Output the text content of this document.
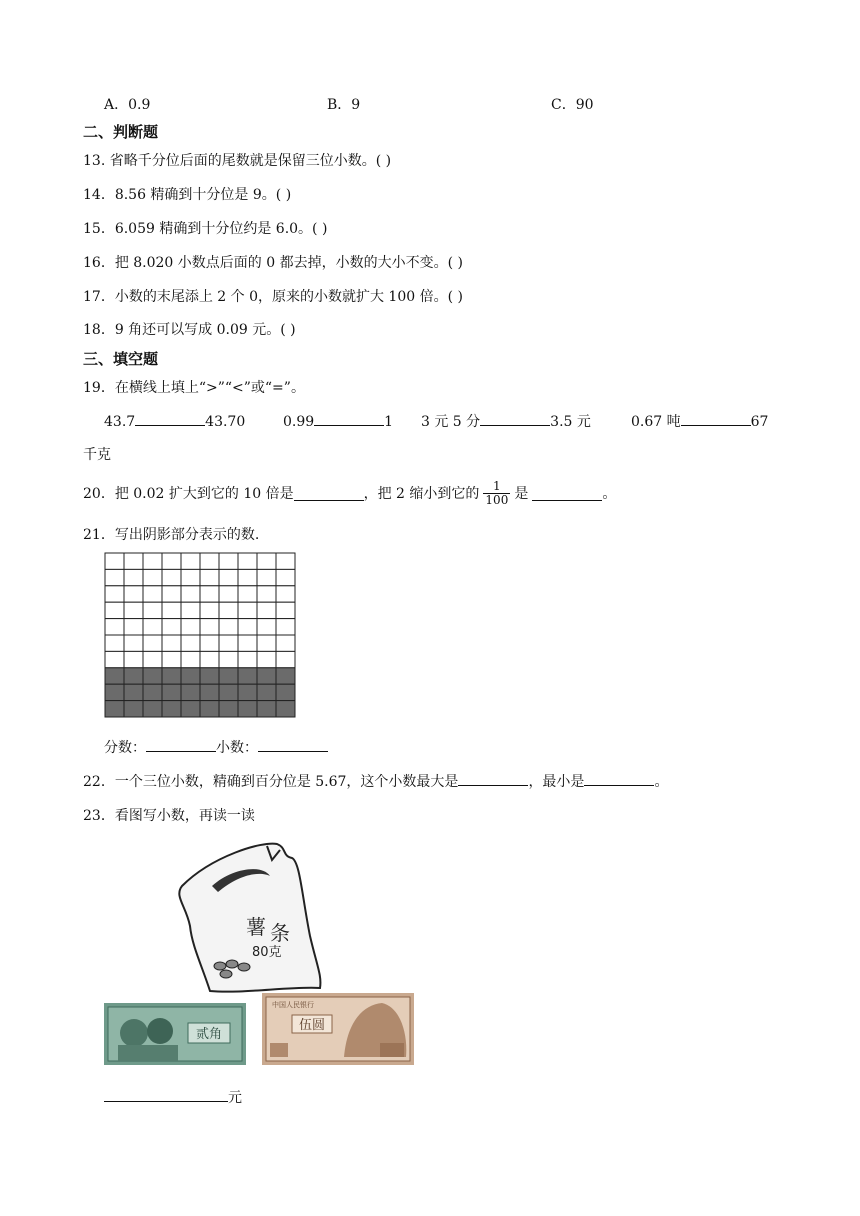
A．0.9	B．9	C．90
二、判断题
13. 省略千分位后面的尾数就是保留三位小数。( )
14．8.56 精确到十分位是 9。( )
15．6.059 精确到十分位约是 6.0。( )
16．把 8.020 小数点后面的 0 都去掉，小数的大小不变。( )
17．小数的末尾添上 2 个 0，原来的小数就扩大 100 倍。( )
18．9 角还可以写成 0.09 元。( )
三、填空题
19．在横线上填上“>”“<”或“=”。
43.7	43.70	0.99	1 3 元 5 分	3.5 元	0.67 吨	67
千克
20．把 0.02 扩大到它的 10 倍是	，把 2 缩小到它的 $\frac{1}{100}$ 是	。
21．写出阴影部分表示的数.
分数：	小数：
22．一个三位小数，精确到百分位是 5.67，这个小数最大是	，最小是	。
23．看图写小数，再读一读
薯 条
80克
贰角
中国人民银行
伍圆
元
